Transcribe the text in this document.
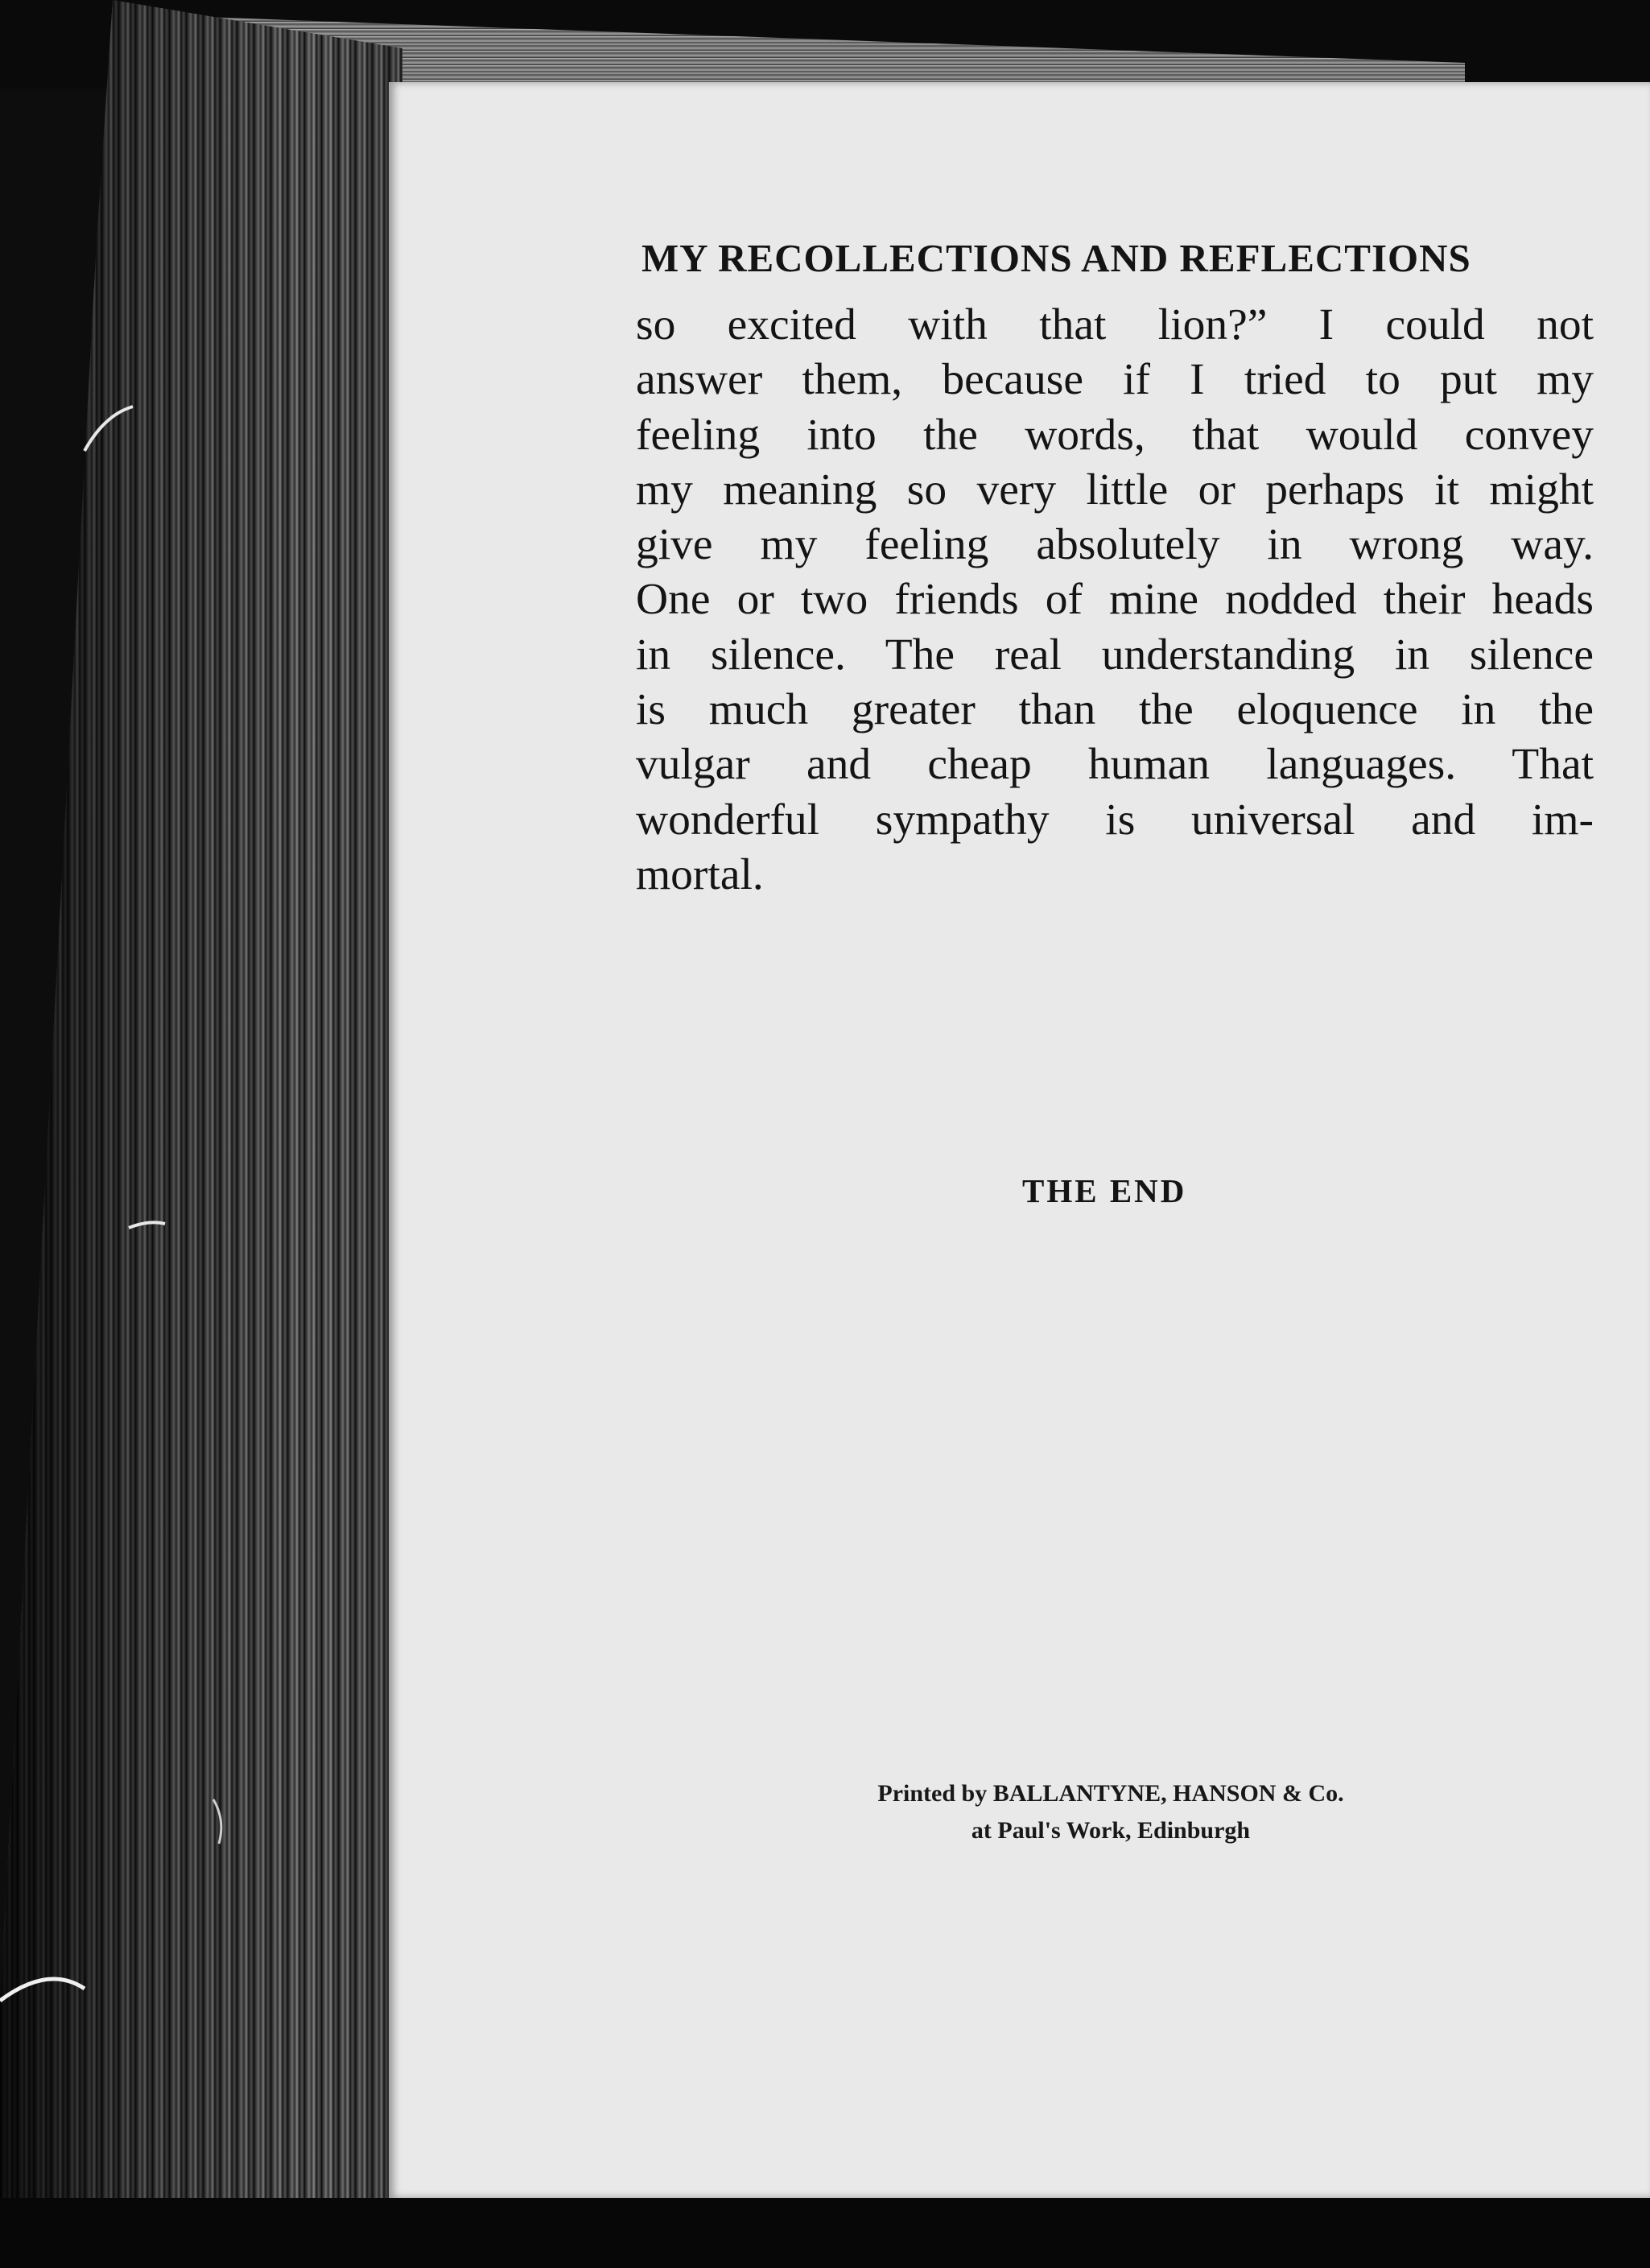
MY RECOLLECTIONS AND REFLECTIONS
so excited with that lion?” I could not
answer them, because if I tried to put my
feeling into the words, that would convey
my meaning so very little or perhaps it might
give my feeling absolutely in wrong way.
One or two friends of mine nodded their heads
in silence. The real understanding in silence
is much greater than the eloquence in the
vulgar and cheap human languages. That
wonderful sympathy is universal and im-
mortal.
THE END
Printed by BALLANTYNE, HANSON & Co.
at Paul's Work, Edinburgh
